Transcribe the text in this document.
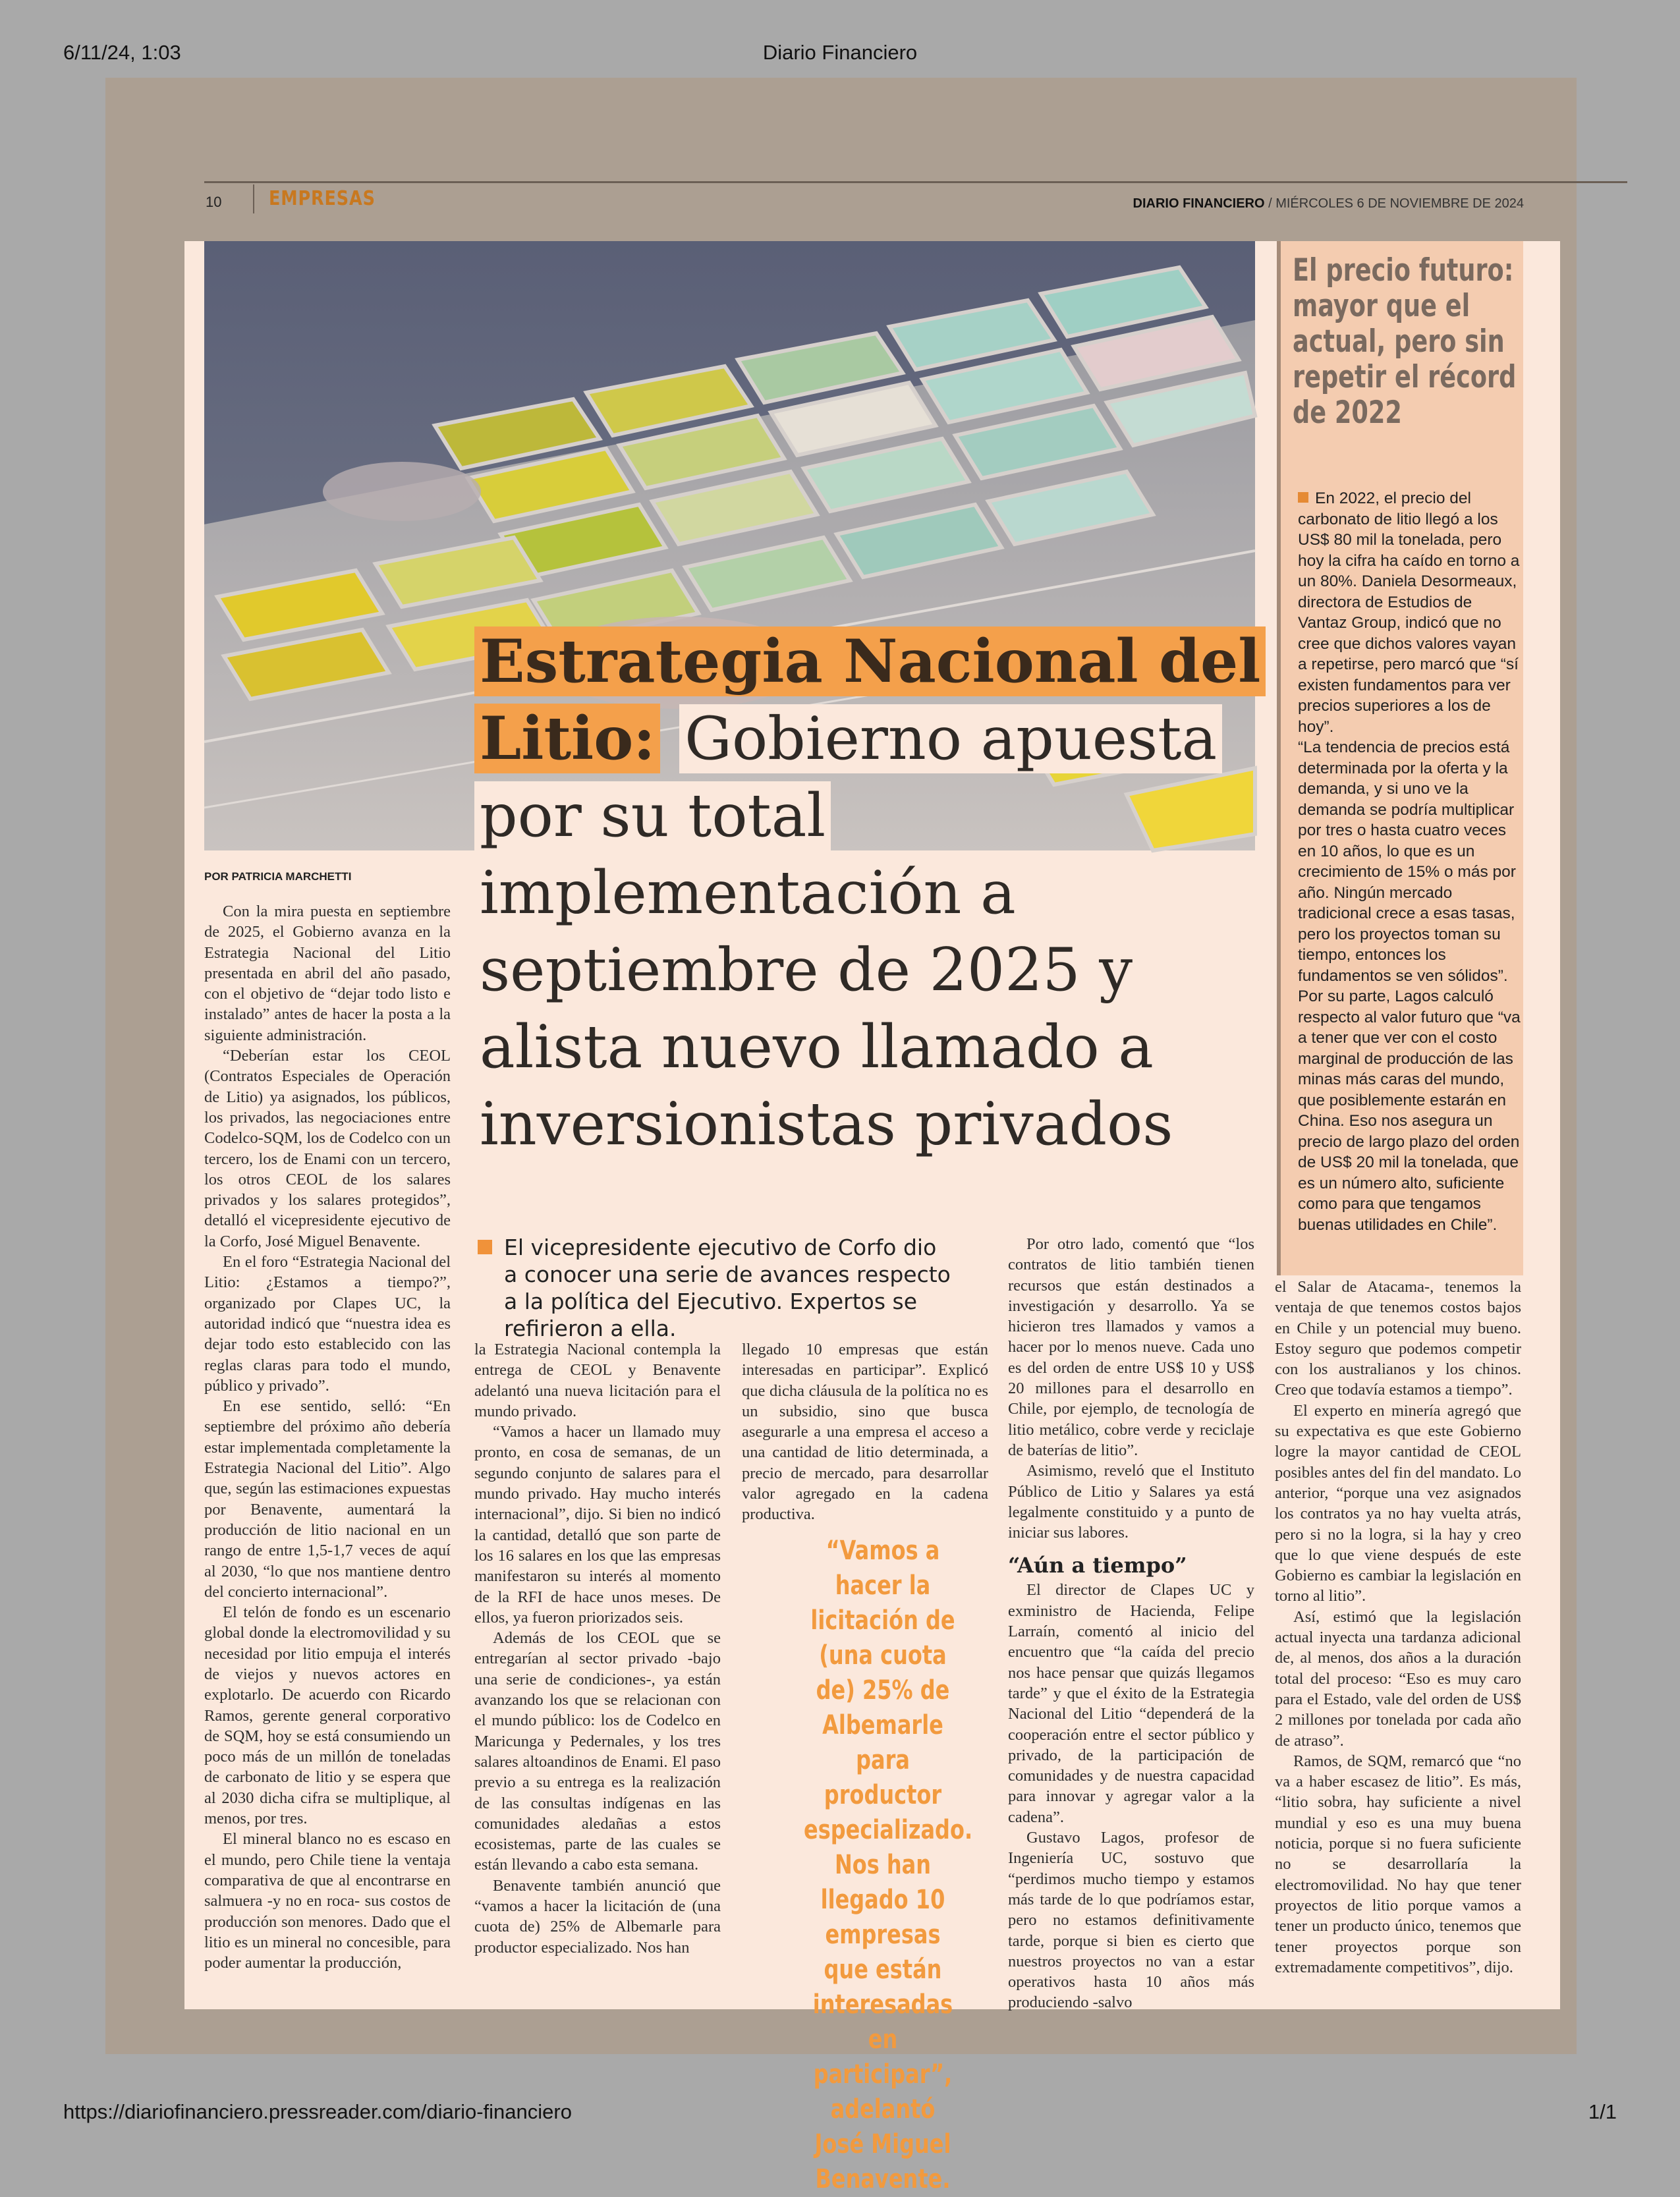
6/11/24, 1:03	Diario Financiero
10 EMPRESAS	DIARIO FINANCIERO / MIÉRCOLES 6 DE NOVIEMBRE DE 2024
Estrategia Nacional del Litio: Gobierno apuesta por su total implementación a septiembre de 2025 y alista nuevo llamado a inversionistas privados
POR PATRICIA MARCHETTI

Con la mira puesta en septiembre de 2025, el Gobierno avanza en la Estrategia Nacional del Litio presentada en abril del año pasado, con el objetivo de “dejar todo listo e instalado” antes de hacer la posta a la siguiente administración.

“Deberían estar los CEOL (Contratos Especiales de Operación de Litio) ya asignados, los públicos, los privados, las negociaciones entre Codelco-SQM, los de Codelco con un tercero, los de Enami con un tercero, los otros CEOL de los salares privados y los salares protegidos”, detalló el vicepresidente ejecutivo de la Corfo, José Miguel Benavente.

En el foro “Estrategia Nacional del Litio: ¿Estamos a tiempo?”, organizado por Clapes UC, la autoridad indicó que “nuestra idea es dejar todo esto establecido con las reglas claras para todo el mundo, público y privado”.

En ese sentido, selló: “En septiembre del próximo año debería estar implementada completamente la Estrategia Nacional del Litio”. Algo que, según las estimaciones expuestas por Benavente, aumentará la producción de litio nacional en un rango de entre 1,5-1,7 veces de aquí al 2030, “lo que nos mantiene dentro del concierto internacional”.

El telón de fondo es un escenario global donde la electromovilidad y su necesidad por litio empuja el interés de viejos y nuevos actores en explotarlo. De acuerdo con Ricardo Ramos, gerente general corporativo de SQM, hoy se está consumiendo un poco más de un millón de toneladas de carbonato de litio y se espera que al 2030 dicha cifra se multiplique, al menos, por tres.

El mineral blanco no es escaso en el mundo, pero Chile tiene la ventaja comparativa de que al encontrarse en salmuera -y no en roca- sus costos de producción son menores. Dado que el litio es un mineral no concesible, para poder aumentar la producción,

El vicepresidente ejecutivo de Corfo dio a conocer una serie de avances respecto a la política del Ejecutivo. Expertos se refirieron a ella.

la Estrategia Nacional contempla la entrega de CEOL y Benavente adelantó una nueva licitación para el mundo privado.

“Vamos a hacer un llamado muy pronto, en cosa de semanas, de un segundo conjunto de salares para el mundo privado. Hay mucho interés internacional”, dijo. Si bien no indicó la cantidad, detalló que son parte de los 16 salares en los que las empresas manifestaron su interés al momento de la RFI de hace unos meses. De ellos, ya fueron priorizados seis.

Además de los CEOL que se entregarían al sector privado -bajo una serie de condiciones-, ya están avanzando los que se relacionan con el mundo público: los de Codelco en Maricunga y Pedernales, y los tres salares altoandinos de Enami. El paso previo a su entrega es la realización de las consultas indígenas en las comunidades aledañas a estos ecosistemas, parte de las cuales se están llevando a cabo esta semana.

Benavente también anunció que “vamos a hacer la licitación de (una cuota de) 25% de Albemarle para productor especializado. Nos han

llegado 10 empresas que están interesadas en participar”. Explicó que dicha cláusula de la política no es un subsidio, sino que busca asegurarle a una empresa el acceso a una cantidad de litio determinada, a precio de mercado, para desarrollar valor agregado en la cadena productiva.

“Vamos a hacer la licitación de (una cuota de) 25% de Albemarle para productor especializado. Nos han llegado 10 empresas que están interesadas en participar”, adelantó José Miguel Benavente.

Por otro lado, comentó que “los contratos de litio también tienen recursos que están destinados a investigación y desarrollo. Ya se hicieron tres llamados y vamos a hacer por lo menos nueve. Cada uno es del orden de entre US$ 10 y US$ 20 millones para el desarrollo en Chile, por ejemplo, de tecnología de litio metálico, cobre verde y reciclaje de baterías de litio”.

Asimismo, reveló que el Instituto Público de Litio y Salares ya está legalmente constituido y a punto de iniciar sus labores.

“Aún a tiempo”

El director de Clapes UC y exministro de Hacienda, Felipe Larraín, comentó al inicio del encuentro que “la caída del precio nos hace pensar que quizás llegamos tarde” y que el éxito de la Estrategia Nacional del Litio “dependerá de la cooperación entre el sector público y privado, de la participación de comunidades y de nuestra capacidad para innovar y agregar valor a la cadena”.

Gustavo Lagos, profesor de Ingeniería UC, sostuvo que “perdimos mucho tiempo y estamos más tarde de lo que podríamos estar, pero no estamos definitivamente tarde, porque si bien es cierto que nuestros proyectos no van a estar operativos hasta 10 años más produciendo -salvo

el Salar de Atacama-, tenemos la ventaja de que tenemos costos bajos en Chile y un potencial muy bueno. Estoy seguro que podemos competir con los australianos y los chinos. Creo que todavía estamos a tiempo”.

El experto en minería agregó que su expectativa es que este Gobierno logre la mayor cantidad de CEOL posibles antes del fin del mandato. Lo anterior, “porque una vez asignados los contratos ya no hay vuelta atrás, pero si no la logra, si la hay y creo que lo que viene después de este Gobierno es cambiar la legislación en torno al litio”.

Así, estimó que la legislación actual inyecta una tardanza adicional de, al menos, dos años a la duración total del proceso: “Eso es muy caro para el Estado, vale del orden de US$ 2 millones por tonelada por cada año de atraso”.

Ramos, de SQM, remarcó que “no va a haber escasez de litio”. Es más, “litio sobra, hay suficiente a nivel mundial y eso es una muy buena noticia, porque si no fuera suficiente no se desarrollaría la electromovilidad. No hay que tener proyectos de litio porque vamos a tener un producto único, tenemos que tener proyectos porque son extremadamente competitivos”, dijo.

El precio futuro: mayor que el actual, pero sin repetir el récord de 2022

En 2022, el precio del carbonato de litio llegó a los US$ 80 mil la tonelada, pero hoy la cifra ha caído en torno a un 80%. Daniela Desormeaux, directora de Estudios de Vantaz Group, indicó que no cree que dichos valores vayan a repetirse, pero marcó que “sí existen fundamentos para ver precios superiores a los de hoy”.

“La tendencia de precios está determinada por la oferta y la demanda, y si uno ve la demanda se podría multiplicar por tres o hasta cuatro veces en 10 años, lo que es un crecimiento de 15% o más por año. Ningún mercado tradicional crece a esas tasas, pero los proyectos toman su tiempo, entonces los fundamentos se ven sólidos”.

Por su parte, Lagos calculó respecto al valor futuro que “va a tener que ver con el costo marginal de producción de las minas más caras del mundo, que posiblemente estarán en China. Eso nos asegura un precio de largo plazo del orden de US$ 20 mil la tonelada, que es un número alto, suficiente como para que tengamos buenas utilidades en Chile”.

https://diariofinanciero.pressreader.com/diario-financiero	1/1
